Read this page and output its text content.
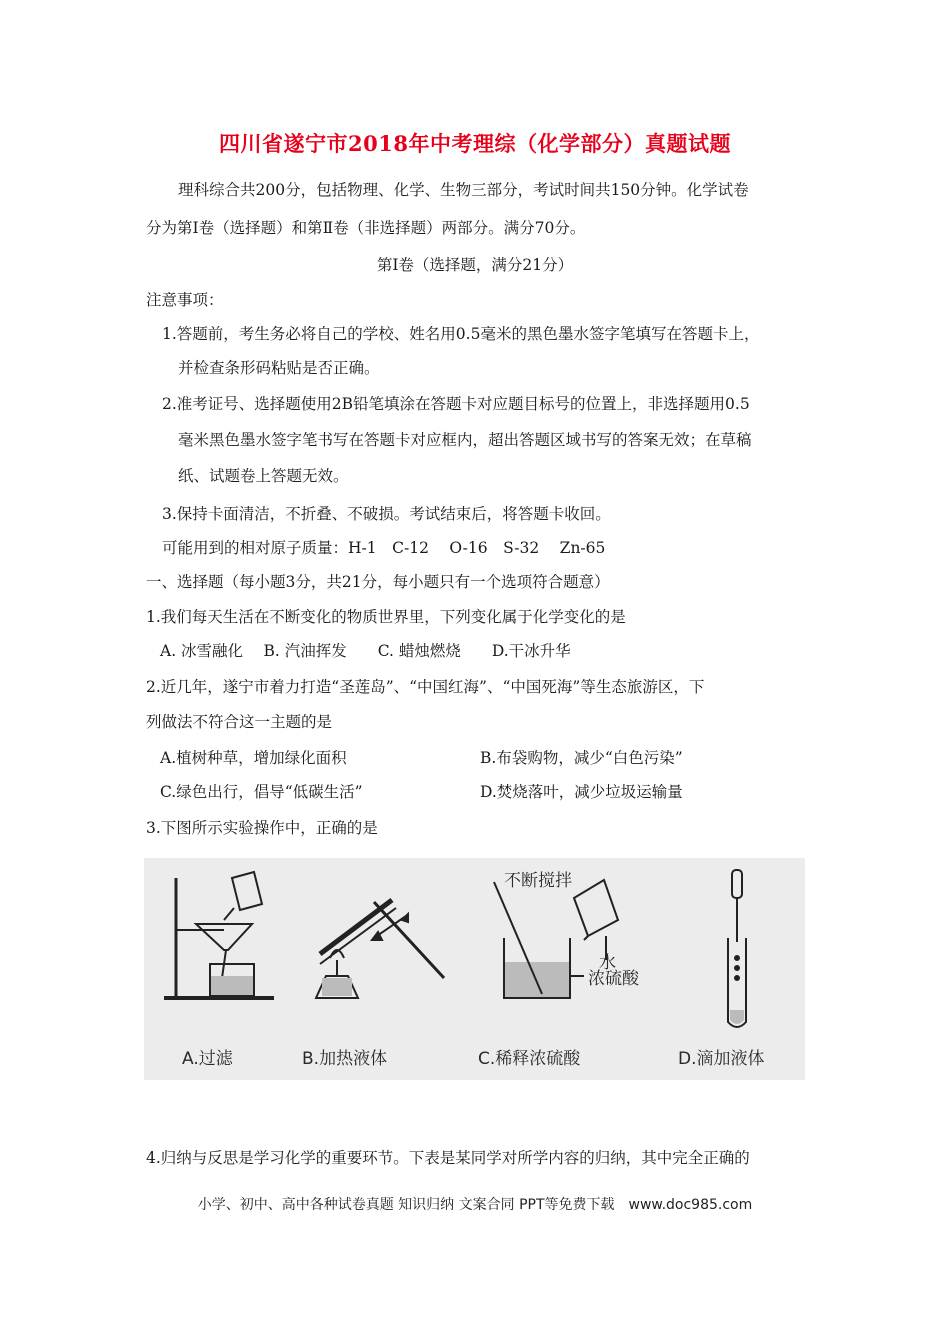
四川省遂宁市2018年中考理综（化学部分）真题试题
理科综合共200分，包括物理、化学、生物三部分，考试时间共150分钟。化学试卷
分为第Ⅰ卷（选择题）和第Ⅱ卷（非选择题）两部分。满分70分。
第Ⅰ卷（选择题，满分21分）
注意事项：
1.答题前，考生务必将自己的学校、姓名用0.5毫米的黑色墨水签字笔填写在答题卡上，
并检查条形码粘贴是否正确。
2.准考证号、选择题使用2B铅笔填涂在答题卡对应题目标号的位置上，非选择题用0.5
毫米黑色墨水签字笔书写在答题卡对应框内，超出答题区域书写的答案无效；在草稿
纸、试题卷上答题无效。
3.保持卡面清洁，不折叠、不破损。考试结束后，将答题卡收回。
可能用到的相对原子质量：H-1　C-12　 O-16　S-32　 Zn-65
一、选择题（每小题3分，共21分，每小题只有一个选项符合题意）
1.我们每天生活在不断变化的物质世界里，下列变化属于化学变化的是
A. 冰雪融化　 B. 汽油挥发　　C. 蜡烛燃烧　　D.干冰升华
2.近几年，遂宁市着力打造“圣莲岛”、“中国红海”、“中国死海”等生态旅游区，下
列做法不符合这一主题的是
A.植树种草，增加绿化面积	B.布袋购物，减少“白色污染”
C.绿色出行，倡导“低碳生活”	D.焚烧落叶，减少垃圾运输量
3.下图所示实验操作中，正确的是
不断搅拌
水
浓硫酸
A.过滤	B.加热液体	C.稀释浓硫酸	D.滴加液体
4.归纳与反思是学习化学的重要环节。下表是某同学对所学内容的归纳，其中完全正确的
小学、初中、高中各种试卷真题 知识归纳 文案合同 PPT等免费下载　www.doc985.com
